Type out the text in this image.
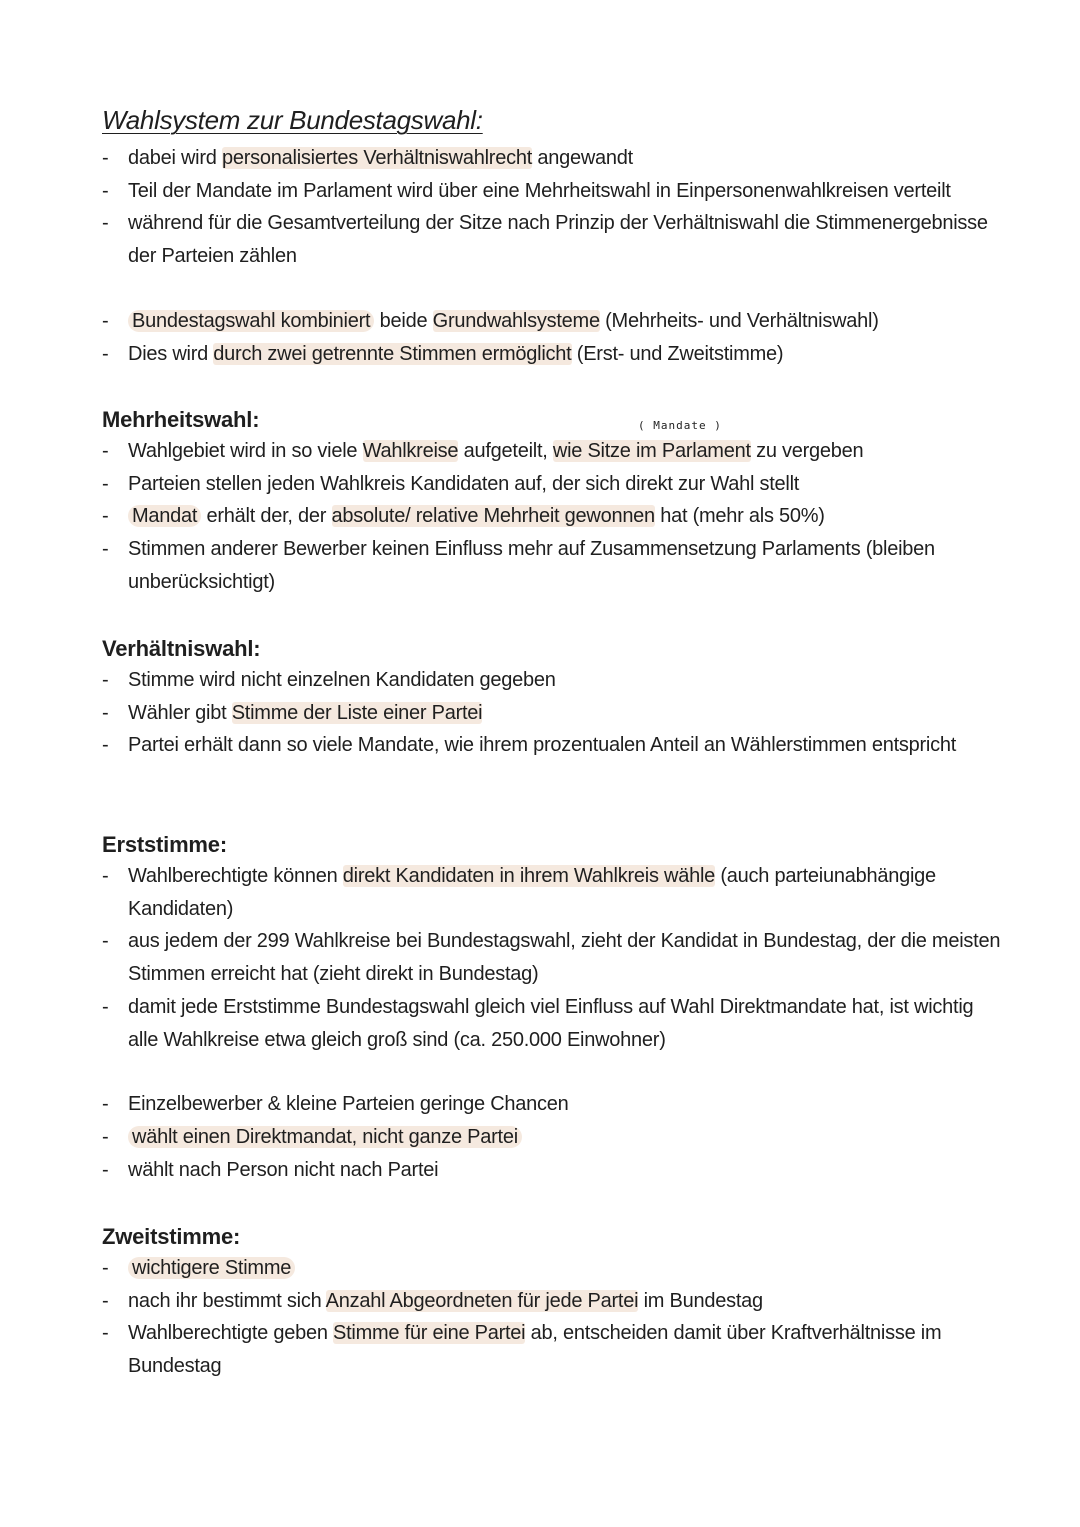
Wahlsystem zur Bundestagswahl:
- dabei wird personalisiertes Verhältniswahlrecht angewandt
- Teil der Mandate im Parlament wird über eine Mehrheitswahl in Einpersonenwahlkreisen verteilt
- während für die Gesamtverteilung der Sitze nach Prinzip der Verhältniswahl die Stimmenergebnisse der Parteien zählen
- Bundestagswahl kombiniert beide Grundwahlsysteme (Mehrheits- und Verhältniswahl)
- Dies wird durch zwei getrennte Stimmen ermöglicht (Erst- und Zweitstimme)
Mehrheitswahl:
- Wahlgebiet wird in so viele Wahlkreise aufgeteilt, wie Sitze im Parlament zu vergeben
- Parteien stellen jeden Wahlkreis Kandidaten auf, der sich direkt zur Wahl stellt
- Mandat erhält der, der absolute/ relative Mehrheit gewonnen hat (mehr als 50%)
- Stimmen anderer Bewerber keinen Einfluss mehr auf Zusammensetzung Parlaments (bleiben unberücksichtigt)
( Mandate )
Verhältniswahl:
- Stimme wird nicht einzelnen Kandidaten gegeben
- Wähler gibt Stimme der Liste einer Partei
- Partei erhält dann so viele Mandate, wie ihrem prozentualen Anteil an Wählerstimmen entspricht
Erststimme:
- Wahlberechtigte können direkt Kandidaten in ihrem Wahlkreis wähle (auch parteiunabhängige Kandidaten)
- aus jedem der 299 Wahlkreise bei Bundestagswahl, zieht der Kandidat in Bundestag, der die meisten Stimmen erreicht hat (zieht direkt in Bundestag)
- damit jede Erststimme Bundestagswahl gleich viel Einfluss auf Wahl Direktmandate hat, ist wichtig alle Wahlkreise etwa gleich groß sind (ca. 250.000 Einwohner)
- Einzelbewerber & kleine Parteien geringe Chancen
- wählt einen Direktmandat, nicht ganze Partei
- wählt nach Person nicht nach Partei
Zweitstimme:
- wichtigere Stimme
- nach ihr bestimmt sich Anzahl Abgeordneten für jede Partei im Bundestag
- Wahlberechtigte geben Stimme für eine Partei ab, entscheiden damit über Kraftverhältnisse im Bundestag
